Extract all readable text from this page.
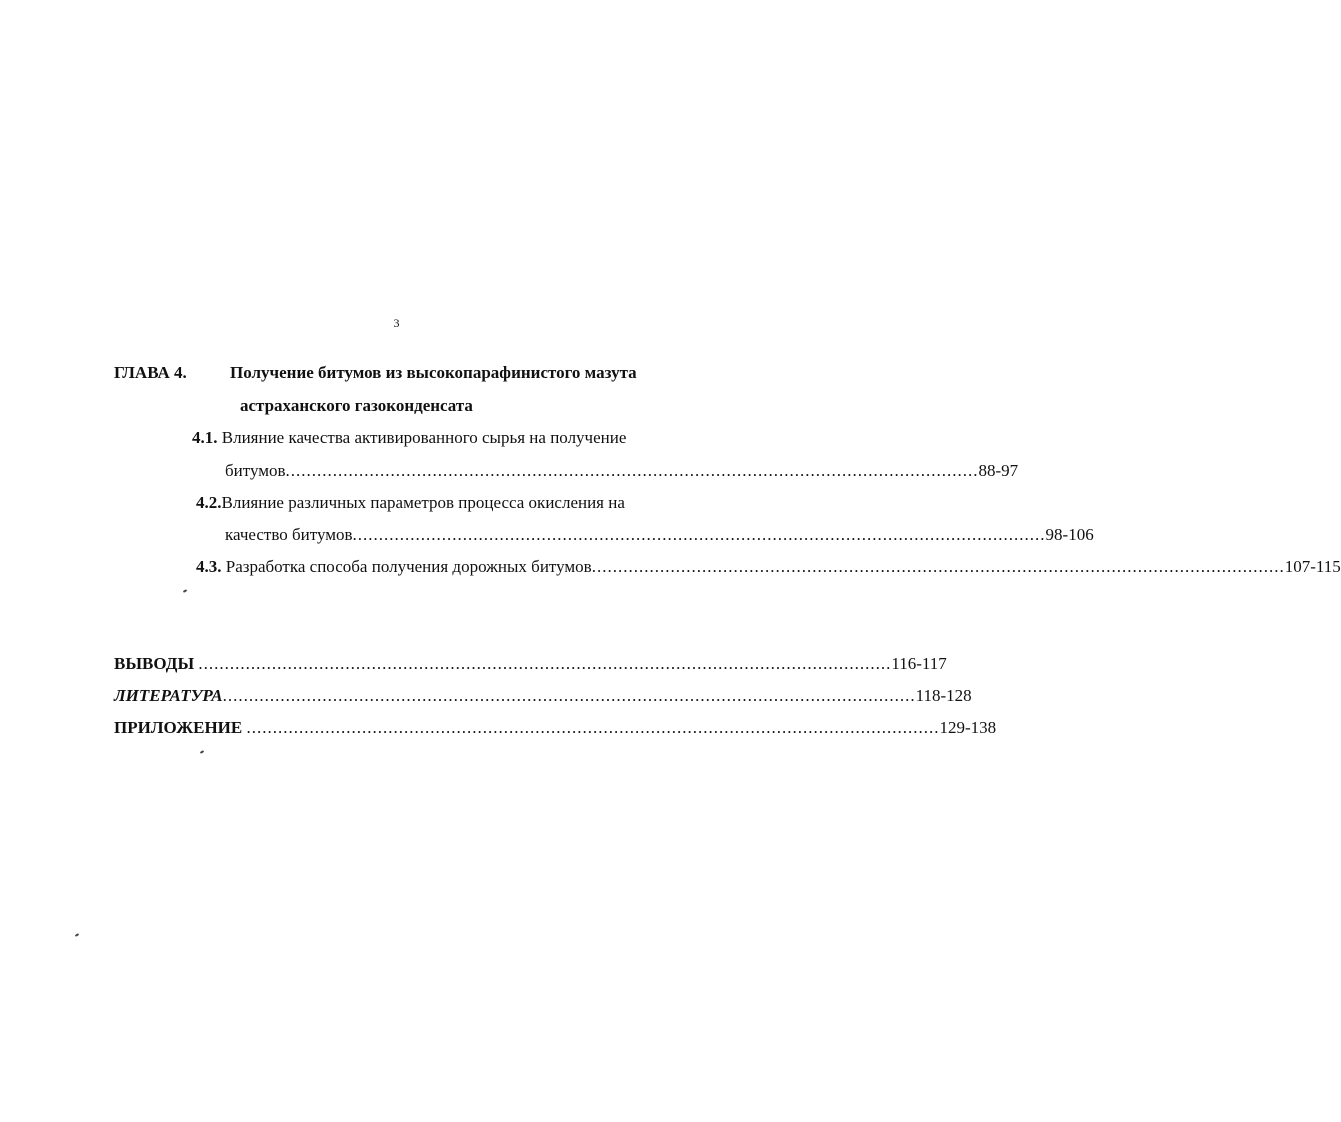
3
ГЛАВА 4.	Получение битумов из высокопарафинистого мазута
астраханского газоконденсата
4.1.
Влияние качества активированного сырья на получение
битумов .................................................................................................................................... 88-97
4.2. Влияние различных параметров процесса окисления на
качество битумов .................................................................................................................................... 98-106
4.3.
Разработка способа получения дорожных битумов .................................................................................................................................... 107-115
ВЫВОДЫ
.................................................................................................................................... 116-117
ЛИТЕРАТУРА .................................................................................................................................... 118-128
ПРИЛОЖЕНИЕ
.................................................................................................................................... 129-138
